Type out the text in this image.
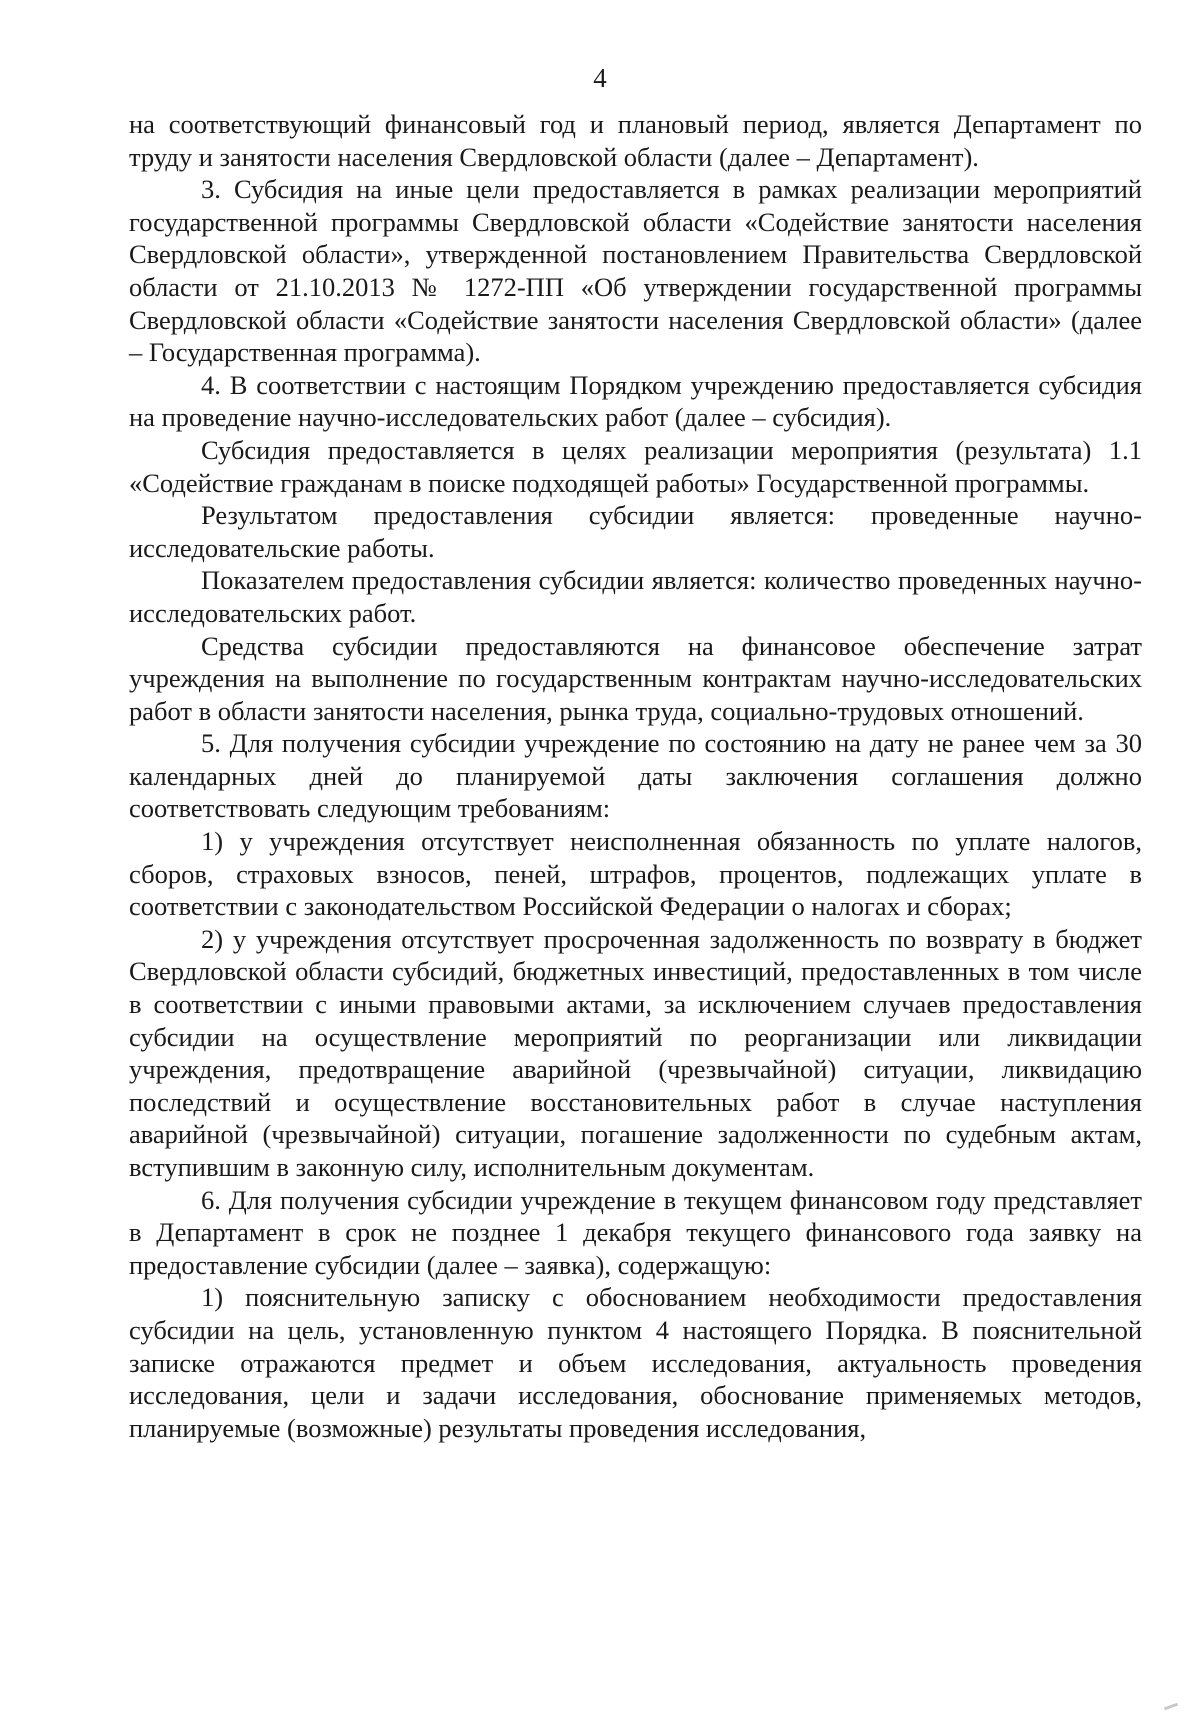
4

на соответствующий финансовый год и плановый период, является Департамент по труду и занятости населения Свердловской области (далее – Департамент).

3. Субсидия на иные цели предоставляется в рамках реализации мероприятий государственной программы Свердловской области «Содействие занятости населения Свердловской области», утвержденной постановлением Правительства Свердловской области от 21.10.2013 № 1272-ПП «Об утверждении государственной программы Свердловской области «Содействие занятости населения Свердловской области» (далее – Государственная программа).

4. В соответствии с настоящим Порядком учреждению предоставляется субсидия на проведение научно-исследовательских работ (далее – субсидия).

Субсидия предоставляется в целях реализации мероприятия (результата) 1.1 «Содействие гражданам в поиске подходящей работы» Государственной программы.

Результатом предоставления субсидии является: проведенные научно-исследовательские работы.

Показателем предоставления субсидии является: количество проведенных научно-исследовательских работ.

Средства субсидии предоставляются на финансовое обеспечение затрат учреждения на выполнение по государственным контрактам научно-исследовательских работ в области занятости населения, рынка труда, социально-трудовых отношений.

5. Для получения субсидии учреждение по состоянию на дату не ранее чем за 30 календарных дней до планируемой даты заключения соглашения должно соответствовать следующим требованиям:

1) у учреждения отсутствует неисполненная обязанность по уплате налогов, сборов, страховых взносов, пеней, штрафов, процентов, подлежащих уплате в соответствии с законодательством Российской Федерации о налогах и сборах;

2) у учреждения отсутствует просроченная задолженность по возврату в бюджет Свердловской области субсидий, бюджетных инвестиций, предоставленных в том числе в соответствии с иными правовыми актами, за исключением случаев предоставления субсидии на осуществление мероприятий по реорганизации или ликвидации учреждения, предотвращение аварийной (чрезвычайной) ситуации, ликвидацию последствий и осуществление восстановительных работ в случае наступления аварийной (чрезвычайной) ситуации, погашение задолженности по судебным актам, вступившим в законную силу, исполнительным документам.

6. Для получения субсидии учреждение в текущем финансовом году представляет в Департамент в срок не позднее 1 декабря текущего финансового года заявку на предоставление субсидии (далее – заявка), содержащую:

1) пояснительную записку с обоснованием необходимости предоставления субсидии на цель, установленную пунктом 4 настоящего Порядка. В пояснительной записке отражаются предмет и объем исследования, актуальность проведения исследования, цели и задачи исследования, обоснование применяемых методов, планируемые (возможные) результаты проведения исследования,
